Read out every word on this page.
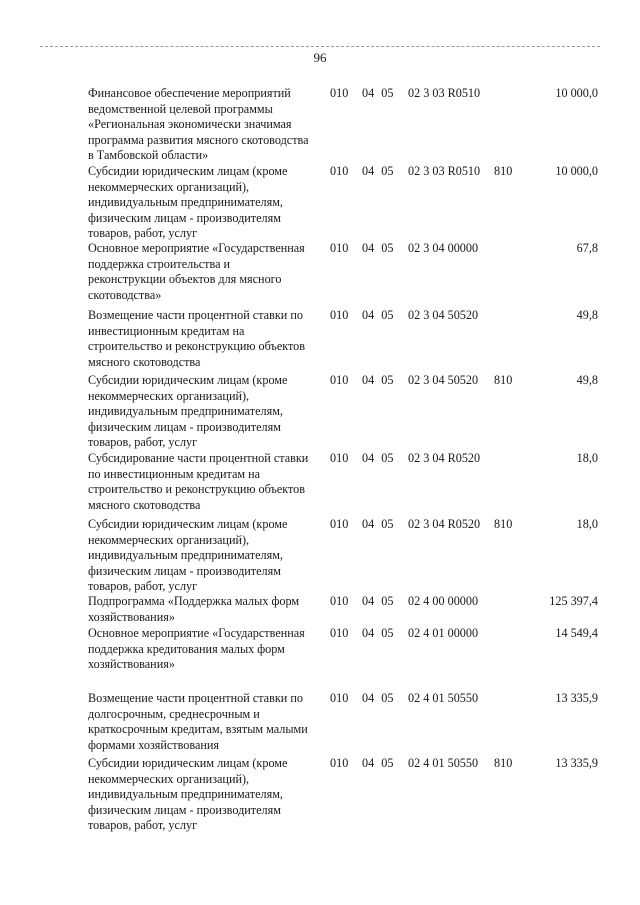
96
Финансовое обеспечение мероприятий ведомственной целевой программы «Региональная экономически значимая программа развития мясного скотоводства в Тамбовской области»
010 04 05 02 3 03 R0510	10 000,0
Субсидии юридическим лицам (кроме некоммерческих организаций), индивидуальным предпринимателям, физическим лицам - производителям товаров, работ, услуг
010 04 05 02 3 03 R0510 810	10 000,0
Основное мероприятие «Государственная поддержка строительства и реконструкции объектов для мясного скотоводства»
010 04 05 02 3 04 00000	67,8
Возмещение части процентной ставки по инвестиционным кредитам на строительство и реконструкцию объектов мясного скотоводства
010 04 05 02 3 04 50520	49,8
Субсидии юридическим лицам (кроме некоммерческих организаций), индивидуальным предпринимателям, физическим лицам - производителям товаров, работ, услуг
010 04 05 02 3 04 50520 810	49,8
Субсидирование части процентной ставки по инвестиционным кредитам на строительство и реконструкцию объектов мясного скотоводства
010 04 05 02 3 04 R0520	18,0
Субсидии юридическим лицам (кроме некоммерческих организаций), индивидуальным предпринимателям, физическим лицам - производителям товаров, работ, услуг
010 04 05 02 3 04 R0520 810	18,0
Подпрограмма «Поддержка малых форм хозяйствования»
010 04 05 02 4 00 00000	125 397,4
Основное мероприятие «Государственная поддержка кредитования малых форм хозяйствования»
010 04 05 02 4 01 00000	14 549,4
Возмещение части процентной ставки по долгосрочным, среднесрочным и краткосрочным кредитам, взятым малыми формами хозяйствования
010 04 05 02 4 01 50550	13 335,9
Субсидии юридическим лицам (кроме некоммерческих организаций), индивидуальным предпринимателям, физическим лицам - производителям товаров, работ, услуг
010 04 05 02 4 01 50550 810	13 335,9
